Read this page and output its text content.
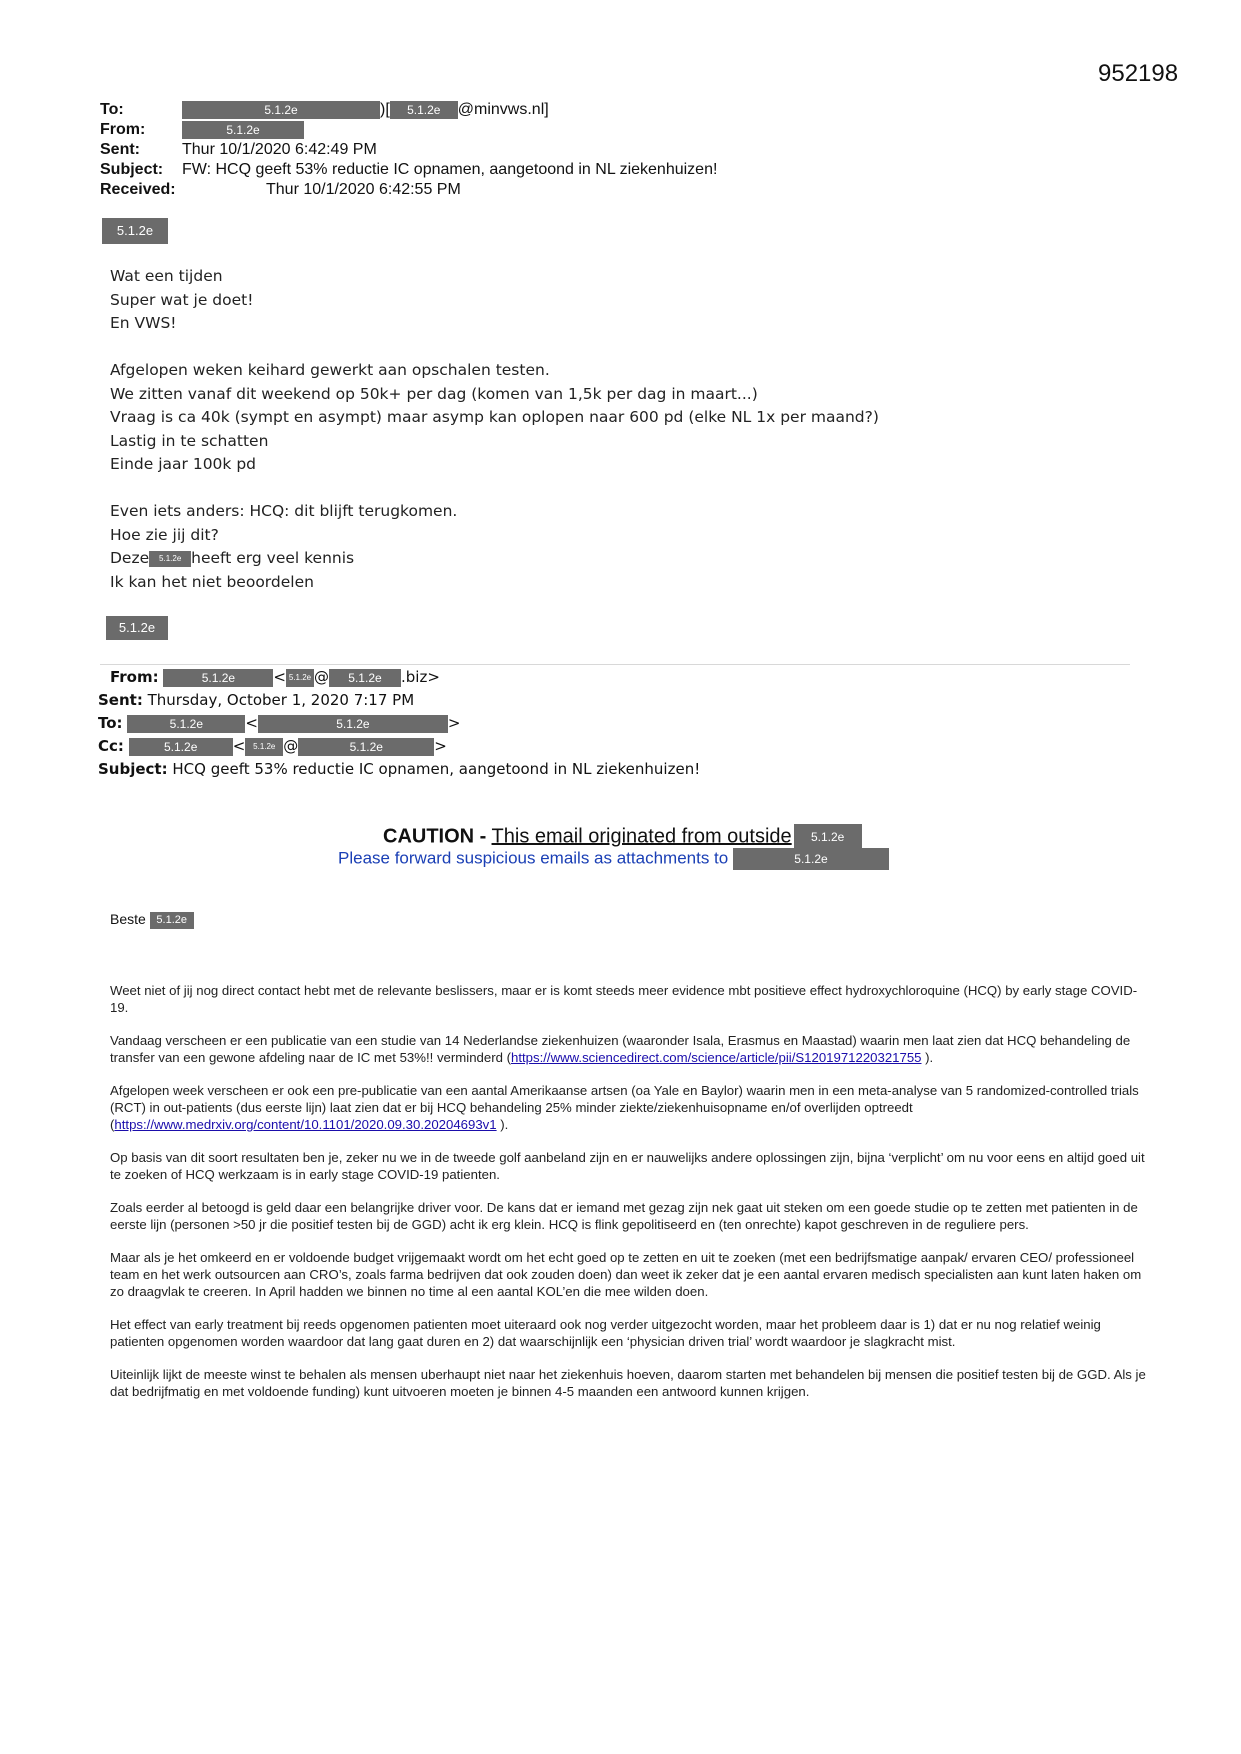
952198
To:	5.1.2e	)[ 5.1.2e @minvws.nl]
From:	5.1.2e
Sent:	Thur 10/1/2020 6:42:49 PM
Subject: FW: HCQ geeft 53% reductie IC opnamen, aangetoond in NL ziekenhuizen!
Received:	Thur 10/1/2020 6:42:55 PM
5.1.2e
Wat een tijden
Super wat je doet!
En VWS!
Afgelopen weken keihard gewerkt aan opschalen testen.
We zitten vanaf dit weekend op 50k+ per dag (komen van 1,5k per dag in maart...)
Vraag is ca 40k (sympt en asympt) maar asymp kan oplopen naar 600 pd (elke NL 1x per maand?)
Lastig in te schatten
Einde jaar 100k pd
Even iets anders: HCQ: dit blijft terugkomen.
Hoe zie jij dit?
Deze 5.1.2e heeft erg veel kennis
Ik kan het niet beoordelen
5.1.2e
From:	5.1.2e	< 5.1.2e @ 5.1.2e .biz>
Sent: Thursday, October 1, 2020 7:17 PM
To:	5.1.2e	<	5.1.2e	>
Cc:	5.1.2e < 5.1.2e @	5.1.2e	>
Subject: HCQ geeft 53% reductie IC opnamen, aangetoond in NL ziekenhuizen!
CAUTION - This email originated from outside 5.1.2e
Please forward suspicious emails as attachments to	5.1.2e
Beste 5.1.2e

Weet niet of jij nog direct contact hebt met de relevante beslissers, maar er is komt steeds meer evidence mbt positieve effect hydroxychloroquine (HCQ) by early stage COVID-19.

Vandaag verscheen er een publicatie van een studie van 14 Nederlandse ziekenhuizen (waaronder Isala, Erasmus en Maastad) waarin men laat zien dat HCQ behandeling de transfer van een gewone afdeling naar de IC met 53%!! verminderd (https://www.sciencedirect.com/science/article/pii/S1201971220321755 ).

Afgelopen week verscheen er ook een pre-publicatie van een aantal Amerikaanse artsen (oa Yale en Baylor) waarin men in een meta-analyse van 5 randomized-controlled trials (RCT) in out-patients (dus eerste lijn) laat zien dat er bij HCQ behandeling 25% minder ziekte/ziekenhuisopname en/of overlijden optreedt (https://www.medrxiv.org/content/10.1101/2020.09.30.20204693v1 ).

Op basis van dit soort resultaten ben je, zeker nu we in de tweede golf aanbeland zijn en er nauwelijks andere oplossingen zijn, bijna ‘verplicht’ om nu voor eens en altijd goed uit te zoeken of HCQ werkzaam is in early stage COVID-19 patienten.

Zoals eerder al betoogd is geld daar een belangrijke driver voor. De kans dat er iemand met gezag zijn nek gaat uit steken om een goede studie op te zetten met patienten in de eerste lijn (personen >50 jr die positief testen bij de GGD) acht ik erg klein. HCQ is flink gepolitiseerd en (ten onrechte) kapot geschreven in de reguliere pers.

Maar als je het omkeerd en er voldoende budget vrijgemaakt wordt om het echt goed op te zetten en uit te zoeken (met een bedrijfsmatige aanpak/ ervaren CEO/ professioneel team en het werk outsourcen aan CRO’s, zoals farma bedrijven dat ook zouden doen) dan weet ik zeker dat je een aantal ervaren medisch specialisten aan kunt laten haken om zo draagvlak te creeren. In April hadden we binnen no time al een aantal KOL’en die mee wilden doen.

Het effect van early treatment bij reeds opgenomen patienten moet uiteraard ook nog verder uitgezocht worden, maar het probleem daar is 1) dat er nu nog relatief weinig patienten opgenomen worden waardoor dat lang gaat duren en 2) dat waarschijnlijk een ‘physician driven trial’ wordt waardoor je slagkracht mist.

Uiteinlijk lijkt de meeste winst te behalen als mensen uberhaupt niet naar het ziekenhuis hoeven, daarom starten met behandelen bij mensen die positief testen bij de GGD. Als je dat bedrijfmatig en met voldoende funding) kunt uitvoeren moeten je binnen 4-5 maanden een antwoord kunnen krijgen.
